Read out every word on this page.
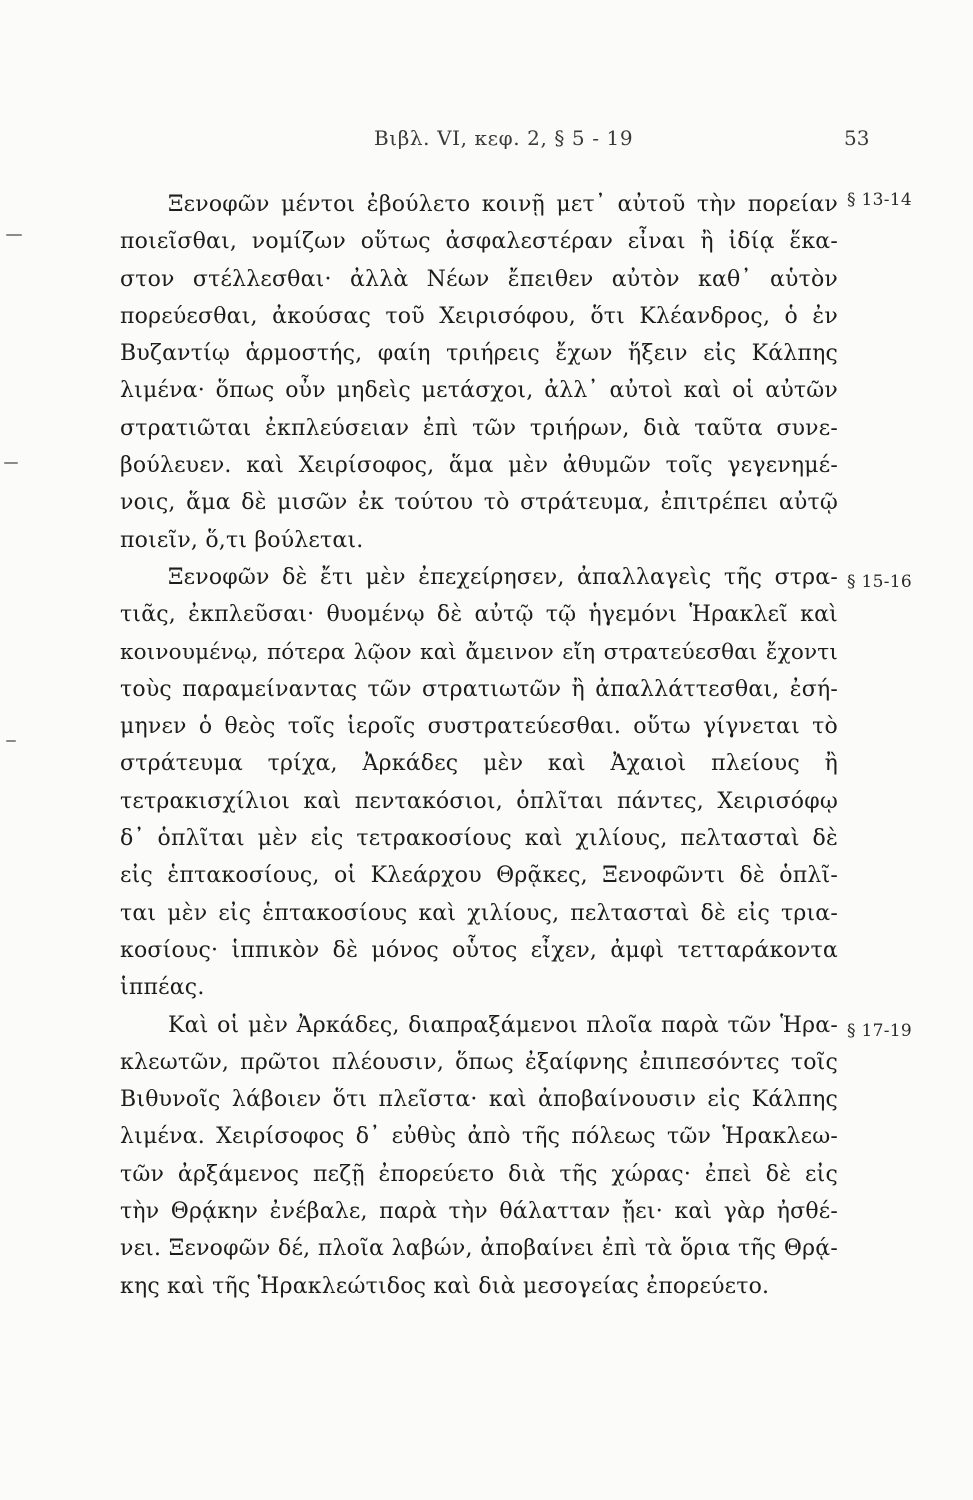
Βιβλ. VI, κεφ. 2, § 5 - 19	53
§ 13-14
§ 15-16
§ 17-19
Ξενοφῶν μέντοι ἐβούλετο κοινῇ μετ᾽ αὐτοῦ τὴν πορείαν
ποιεῖσθαι, νομίζων οὕτως ἀσφαλεστέραν εἶναι ἢ ἰδίᾳ ἕκα-
στον στέλλεσθαι· ἀλλὰ Νέων ἔπειθεν αὐτὸν καθ᾽ αὑτὸν
πορεύεσθαι, ἀκούσας τοῦ Χειρισόφου, ὅτι Κλέανδρος, ὁ ἐν
Βυζαντίῳ ἁρμοστής, φαίη τριήρεις ἔχων ἥξειν εἰς Κάλπης
λιμένα· ὅπως οὖν μηδεὶς μετάσχοι, ἀλλ᾽ αὐτοὶ καὶ οἱ αὐτῶν
στρατιῶται ἐκπλεύσειαν ἐπὶ τῶν τριήρων, διὰ ταῦτα συνε-
βούλευεν. καὶ Χειρίσοφος, ἅμα μὲν ἀθυμῶν τοῖς γεγενημέ-
νοις, ἅμα δὲ μισῶν ἐκ τούτου τὸ στράτευμα, ἐπιτρέπει αὐτῷ
ποιεῖν, ὅ,τι βούλεται.
Ξενοφῶν δὲ ἔτι μὲν ἐπεχείρησεν, ἀπαλλαγεὶς τῆς στρα-
τιᾶς, ἐκπλεῦσαι· θυομένῳ δὲ αὐτῷ τῷ ἡγεμόνι Ἡρακλεῖ καὶ
κοινουμένῳ, πότερα λῷον καὶ ἄμεινον εἴη στρατεύεσθαι ἔχοντι
τοὺς παραμείναντας τῶν στρατιωτῶν ἢ ἀπαλλάττεσθαι, ἐσή-
μηνεν ὁ θεὸς τοῖς ἱεροῖς συστρατεύεσθαι. οὕτω γίγνεται τὸ
στράτευμα τρίχα, Ἀρκάδες μὲν καὶ Ἀχαιοὶ πλείους ἢ
τετρακισχίλιοι καὶ πεντακόσιοι, ὁπλῖται πάντες, Χειρισόφῳ
δ᾽ ὁπλῖται μὲν εἰς τετρακοσίους καὶ χιλίους, πελτασταὶ δὲ
εἰς ἑπτακοσίους, οἱ Κλεάρχου Θρᾷκες, Ξενοφῶντι δὲ ὁπλῖ-
ται μὲν εἰς ἑπτακοσίους καὶ χιλίους, πελτασταὶ δὲ εἰς τρια-
κοσίους· ἱππικὸν δὲ μόνος οὗτος εἶχεν, ἀμφὶ τετταράκοντα
ἱππέας.
Καὶ οἱ μὲν Ἀρκάδες, διαπραξάμενοι πλοῖα παρὰ τῶν Ἡρα-
κλεωτῶν, πρῶτοι πλέουσιν, ὅπως ἐξαίφνης ἐπιπεσόντες τοῖς
Βιθυνοῖς λάβοιεν ὅτι πλεῖστα· καὶ ἀποβαίνουσιν εἰς Κάλπης
λιμένα. Χειρίσοφος δ᾽ εὐθὺς ἀπὸ τῆς πόλεως τῶν Ἡρακλεω-
τῶν ἀρξάμενος πεζῇ ἐπορεύετο διὰ τῆς χώρας· ἐπεὶ δὲ εἰς
τὴν Θρᾴκην ἐνέβαλε, παρὰ τὴν θάλατταν ᾔει· καὶ γὰρ ἠσθέ-
νει. Ξενοφῶν δέ, πλοῖα λαβών, ἀποβαίνει ἐπὶ τὰ ὅρια τῆς Θρᾴ-
κης καὶ τῆς Ἡρακλεώτιδος καὶ διὰ μεσογείας ἐπορεύετο.
